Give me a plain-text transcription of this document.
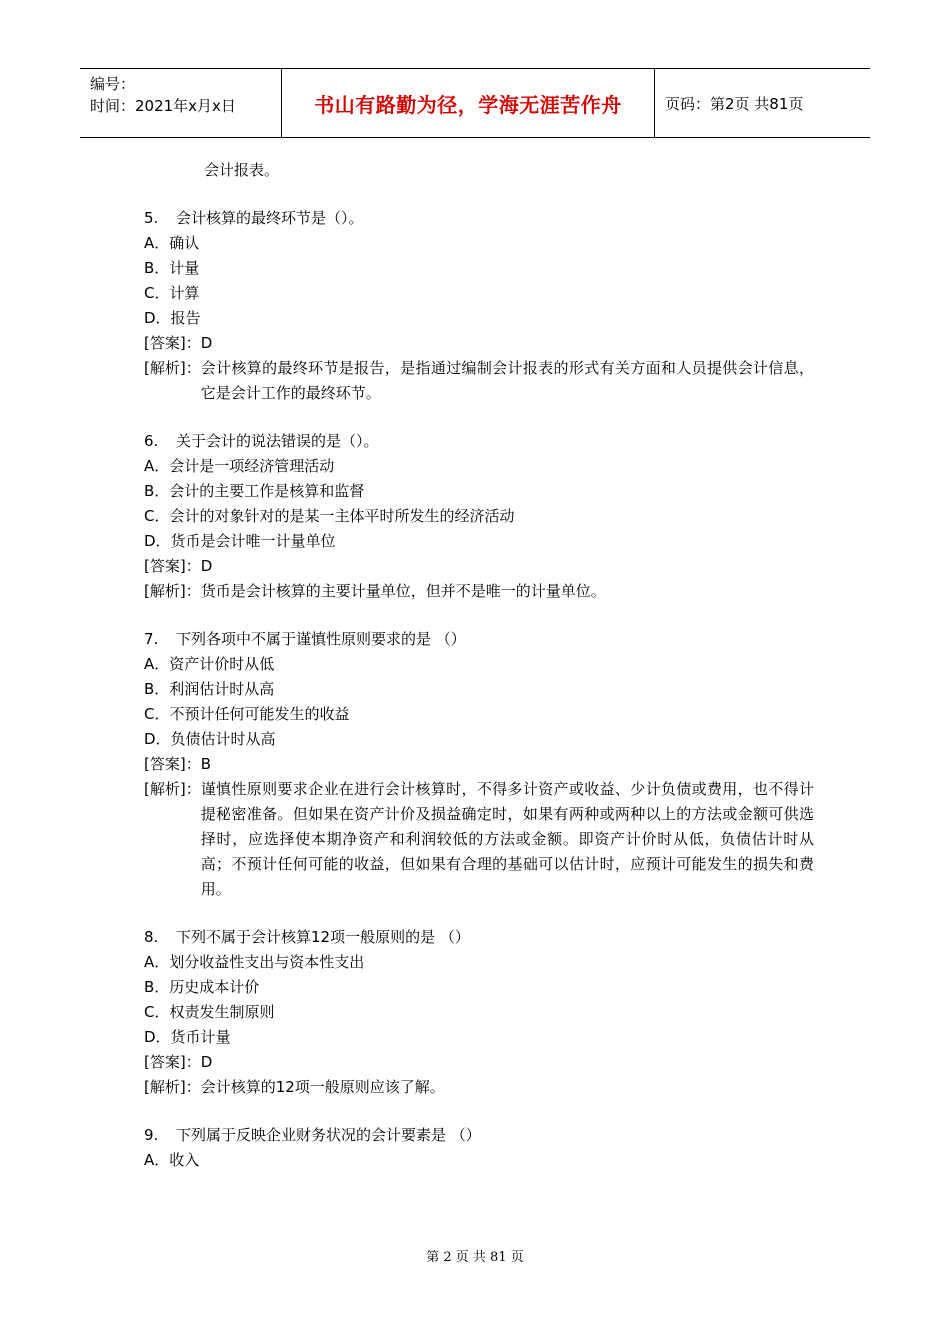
编号：
时间：2021年x月x日	书山有路勤为径，学海无涯苦作舟	页码：第2页 共81页
会计报表。
5. 会计核算的最终环节是（）。
A．确认
B．计量
C．计算
D．报告
[答案]：D
[解析]： 会计核算的最终环节是报告，是指通过编制会计报表的形式有关方面和人员提供会计信息，它是会计工作的最终环节。
6. 关于会计的说法错误的是（）。
A．会计是一项经济管理活动
B．会计的主要工作是核算和监督
C．会计的对象针对的是某一主体平时所发生的经济活动
D．货币是会计唯一计量单位
[答案]：D
[解析]： 货币是会计核算的主要计量单位，但并不是唯一的计量单位。
7. 下列各项中不属于谨慎性原则要求的是 （）
A．资产计价时从低
B．利润估计时从高
C．不预计任何可能发生的收益
D．负债估计时从高
[答案]：B
[解析]： 谨慎性原则要求企业在进行会计核算时，不得多计资产或收益、少计负债或费用，也不得计提秘密准备。但如果在资产计价及损益确定时，如果有两种或两种以上的方法或金额可供选择时，应选择使本期净资产和利润较低的方法或金额。即资产计价时从低，负债估计时从高；不预计任何可能的收益，但如果有合理的基础可以估计时，应预计可能发生的损失和费用。
8. 下列不属于会计核算12项一般原则的是 （）
A．划分收益性支出与资本性支出
B．历史成本计价
C．权责发生制原则
D．货币计量
[答案]：D
[解析]： 会计核算的12项一般原则应该了解。
9. 下列属于反映企业财务状况的会计要素是 （）
A．收入
第 2 页 共 81 页
